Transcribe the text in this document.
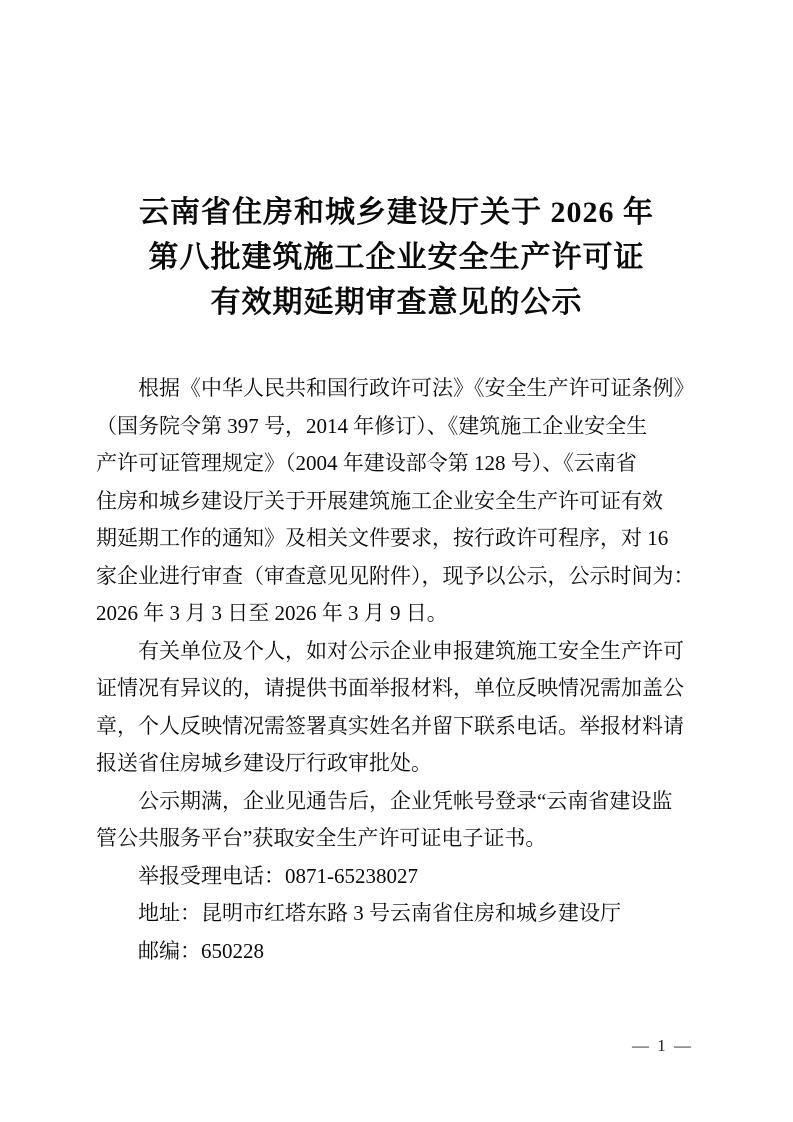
云南省住房和城乡建设厅关于 2026 年
第八批建筑施工企业安全生产许可证
有效期延期审查意见的公示
根据《中华人民共和国行政许可法》《安全生产许可证条例》
（国务院令第 397 号，2014 年修订）、《建筑施工企业安全生
产许可证管理规定》（2004 年建设部令第 128 号）、《云南省
住房和城乡建设厅关于开展建筑施工企业安全生产许可证有效
期延期工作的通知》及相关文件要求，按行政许可程序，对 16
家企业进行审查（审查意见见附件），现予以公示，公示时间为：
2026 年 3 月 3 日至 2026 年 3 月 9 日。
有关单位及个人，如对公示企业申报建筑施工安全生产许可
证情况有异议的，请提供书面举报材料，单位反映情况需加盖公
章，个人反映情况需签署真实姓名并留下联系电话。举报材料请
报送省住房城乡建设厅行政审批处。
公示期满，企业见通告后，企业凭帐号登录“云南省建设监
管公共服务平台”获取安全生产许可证电子证书。
举报受理电话：0871-65238027
地址：昆明市红塔东路 3 号云南省住房和城乡建设厅
邮编：650228
— 1 —
